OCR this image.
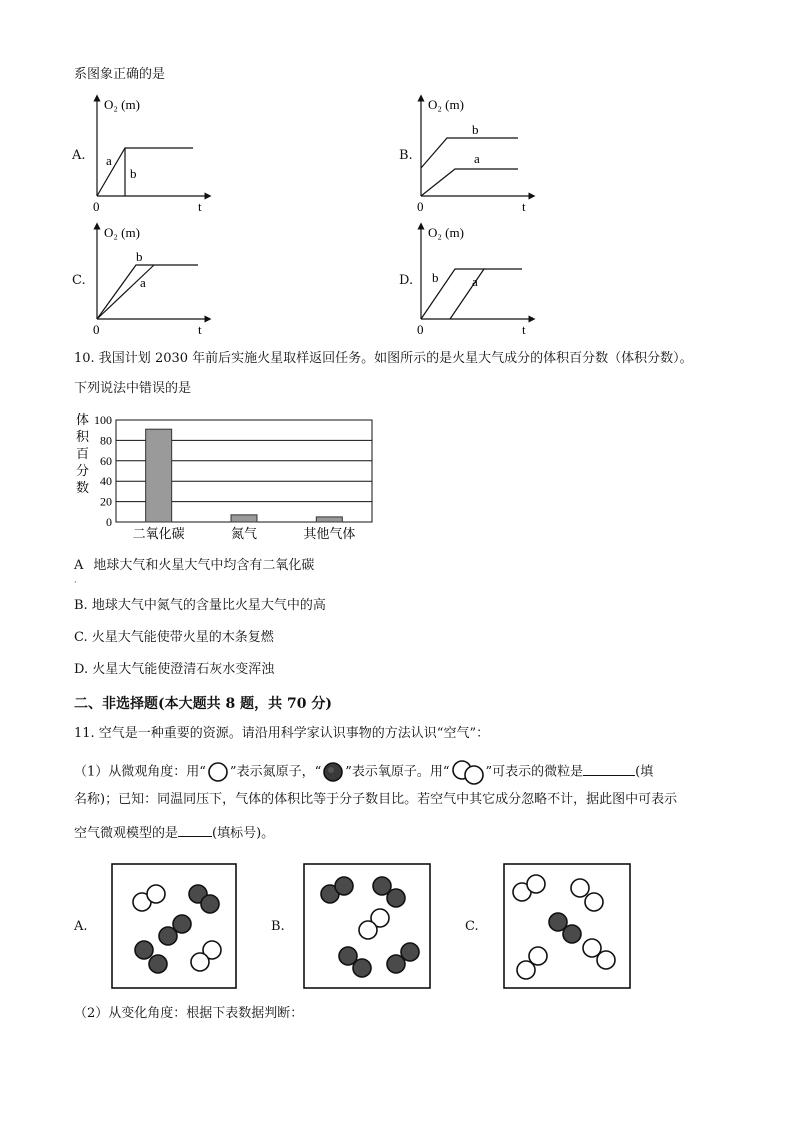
系图象正确的是
A.
O₂ (m)
0	t
a
b
B.
O₂ (m)
0	t
b
a
C.
O₂ (m)
0	t
b
a	D.
O₂ (m)
0	t
b	a
10. 我国计划 2030 年前后实施火星取样返回任务。如图所示的是火星大气成分的体积百分数（体积分数）。
下列说法中错误的是
体
积
百
分
数
0
20
40
60
80
100
二氧化碳	氮气	其他气体
A 地球大气和火星大气中均含有二氧化碳
·
B. 地球大气中氮气的含量比火星大气中的高
C. 火星大气能使带火星的木条复燃
D. 火星大气能使澄清石灰水变浑浊
二、非选择题(本大题共 8 题，共 70 分)
11. 空气是一种重要的资源。请沿用科学家认识事物的方法认识“空气”：
（1）从微观角度：用“ ”表示氮原子，“ ”表示氧原子。用“	”可表示的微粒是	(填
名称)；已知：同温同压下，气体的体积比等于分子数目比。若空气中其它成分忽略不计，据此图中可表示
空气微观模型的是	(填标号)。
A.	B.	C.
（2）从变化角度：根据下表数据判断：
